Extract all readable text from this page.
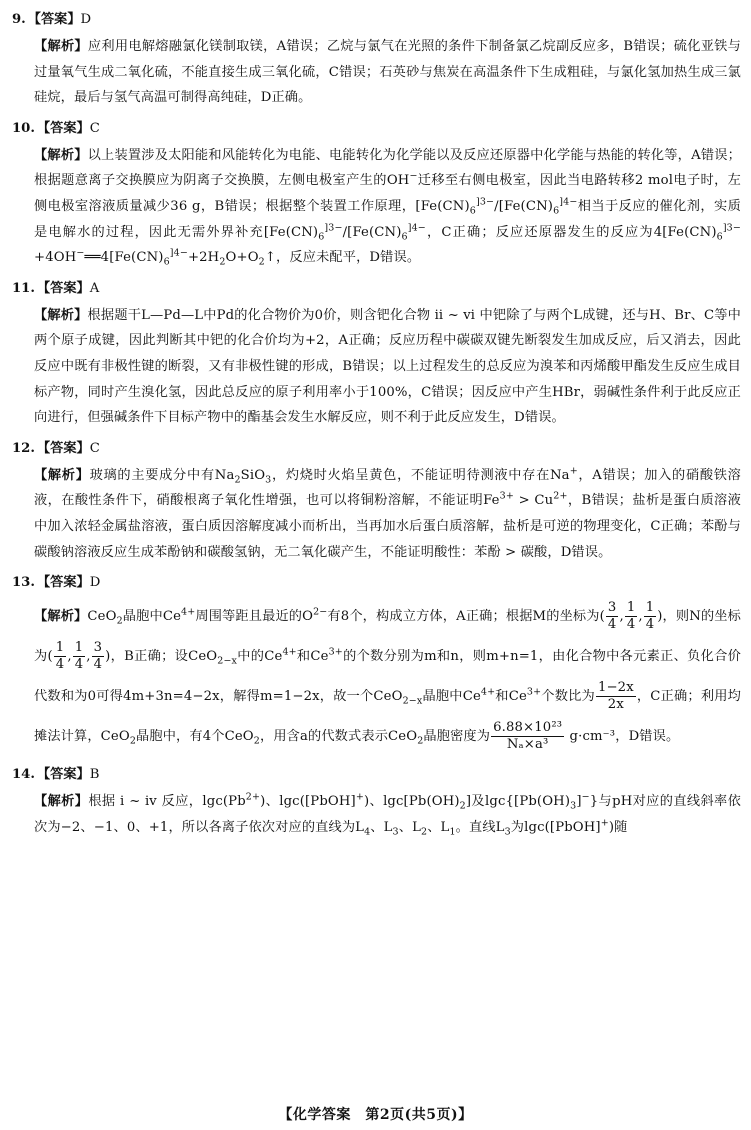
9. 【答案】D

【解析】应利用电解熔融氯化镁制取镁，A错误；乙烷与氯气在光照的条件下制备氯乙烷副反应多，B错误；硫化亚铁与过量氧气生成二氧化硫，不能直接生成三氧化硫，C错误；石英砂与焦炭在高温条件下生成粗硅，与氯化氢加热生成三氯硅烷，最后与氢气高温可制得高纯硅，D正确。

10. 【答案】C

【解析】以上装置涉及太阳能和风能转化为电能、电能转化为化学能以及反应还原器中化学能与热能的转化等，A错误；根据题意离子交换膜应为阴离子交换膜，左侧电极室产生的OH−迁移至右侧电极室，因此当电路转移2 mol电子时，左侧电极室溶液质量减少36 g，B错误；根据整个装置工作原理，[$Fe(CN)_6^{]3-}/[Fe(CN)_6^{]4-}$相当于反应的催化剂，实质是电解水的过程，因此无需外界补充[$Fe(CN)_6^{]3-}/[Fe(CN)_6^{]4-}$，C正确；反应还原器发生的反应为$4[Fe(CN)_6^{]3-}+4OH^-══4[Fe(CN)_6^{]4-}+2H_2O+O_2↑$，反应未配平，D错误。

11. 【答案】A

【解析】根据题干L—Pd—L中Pd的化合物价为0价，则含钯化合物 ⅱ ~ ⅵ 中钯除了与两个L成键，还与H、Br、C等中两个原子成键，因此判断其中钯的化合价均为+2，A正确；反应历程中碳碳双键先断裂发生加成反应，后又消去，因此反应中既有非极性键的断裂，又有非极性键的形成，B错误；以上过程发生的总反应为溴苯和丙烯酸甲酯发生反应生成目标产物，同时产生溴化氢，因此总反应的原子利用率小于100%，C错误；因反应中产生HBr，弱碱性条件利于此反应正向进行，但强碱条件下目标产物中的酯基会发生水解反应，则不利于此反应发生，D错误。

12. 【答案】C

【解析】玻璃的主要成分中有$Na_2SiO_3$，灼烧时火焰呈黄色，不能证明待测液中存在Na+，A错误；加入的硝酸铁溶液，在酸性条件下，硝酸根离子氧化性增强，也可以将铜粉溶解，不能证明$Fe^{3+} > Cu^{2+}$，B错误；盐析是蛋白质溶液中加入浓轻金属盐溶液，蛋白质因溶解度减小而析出，当再加水后蛋白质溶解，盐析是可逆的物理变化，C正确；苯酚与碳酸钠溶液反应生成苯酚钠和碳酸氢钠，无二氧化碳产生，不能证明酸性：苯酚 > 碳酸，D错误。

13. 【答案】D

【解析】CeO$_2$晶胞中$Ce^{4+}$周围等距且最近的$O^{2-}$有8个，构成立方体，A正确；根据M的坐标为( $\frac{3}{4}$ , $\frac{1}{4}$ , $\frac{1}{4}$ )，则N的坐标为( $\frac{1}{4}$ , $\frac{1}{4}$ , $\frac{3}{4}$ )，B正确；设CeO$_{2-x}$中的$Ce^{4+}$和$Ce^{3+}$的个数分别为m和n，则m+n=1，由化合物中各元素正、负化合价代数和为0可得4m+3n=4−2x，解得m=1−2x，故一个CeO$_{2-x}$晶胞中$Ce^{4+}$和$Ce^{3+}$个数比为 $\frac{1-2x}{2x}$ ，C正确；利用均摊法计算，CeO$_2$晶胞中，有4个CeO$_2$，用含a的代数式表示CeO$_2$晶胞密度为 $\frac{\text{6.88×10²³}}{\text{Nₐ×a³}} g\cdot cm^{-3}$，D错误。

14. 【答案】B

【解析】根据 ⅰ ~ ⅳ 反应，$\lg c(Pb^{2+})$、lgc([PbOH]+)、$\lg c[Pb(OH)_2]$及$\lg c\{[Pb(OH)_3]^-\}$与pH对应的直线斜率依次为−2、−1、0、+1，所以各离子依次对应的直线为$L_4$、$L_3$、$L_2$、$L_1$。直线$L_3$为lgc([PbOH]+)随
【化学答案　第2页(共5页)】
